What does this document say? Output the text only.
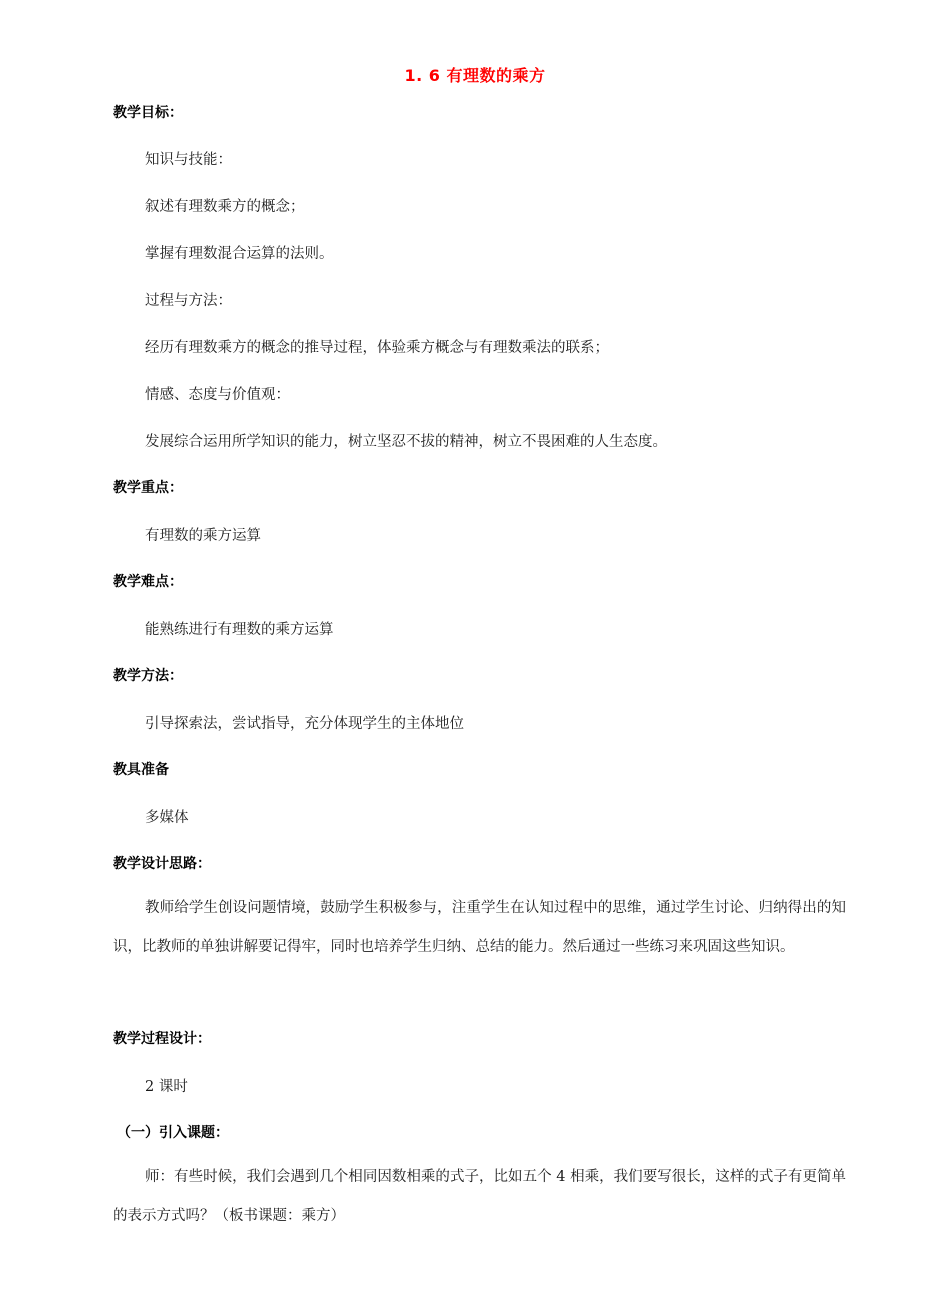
1. 6 有理数的乘方
教学目标：
知识与技能：
叙述有理数乘方的概念；
掌握有理数混合运算的法则。
过程与方法：
经历有理数乘方的概念的推导过程，体验乘方概念与有理数乘法的联系；
情感、态度与价值观：
发展综合运用所学知识的能力，树立坚忍不拔的精神，树立不畏困难的人生态度。
教学重点：
有理数的乘方运算
教学难点：
能熟练进行有理数的乘方运算
教学方法：
引导探索法，尝试指导，充分体现学生的主体地位
教具准备
多媒体
教学设计思路：
教师给学生创设问题情境，鼓励学生积极参与，注重学生在认知过程中的思维，通过学生讨论、归纳得出的知识，比教师的单独讲解要记得牢，同时也培养学生归纳、总结的能力。然后通过一些练习来巩固这些知识。
教学过程设计：
2 课时
（一）引入课题：
师：有些时候，我们会遇到几个相同因数相乘的式子，比如五个 4 相乘，我们要写很长，这样的式子有更简单的表示方式吗？（板书课题：乘方）
